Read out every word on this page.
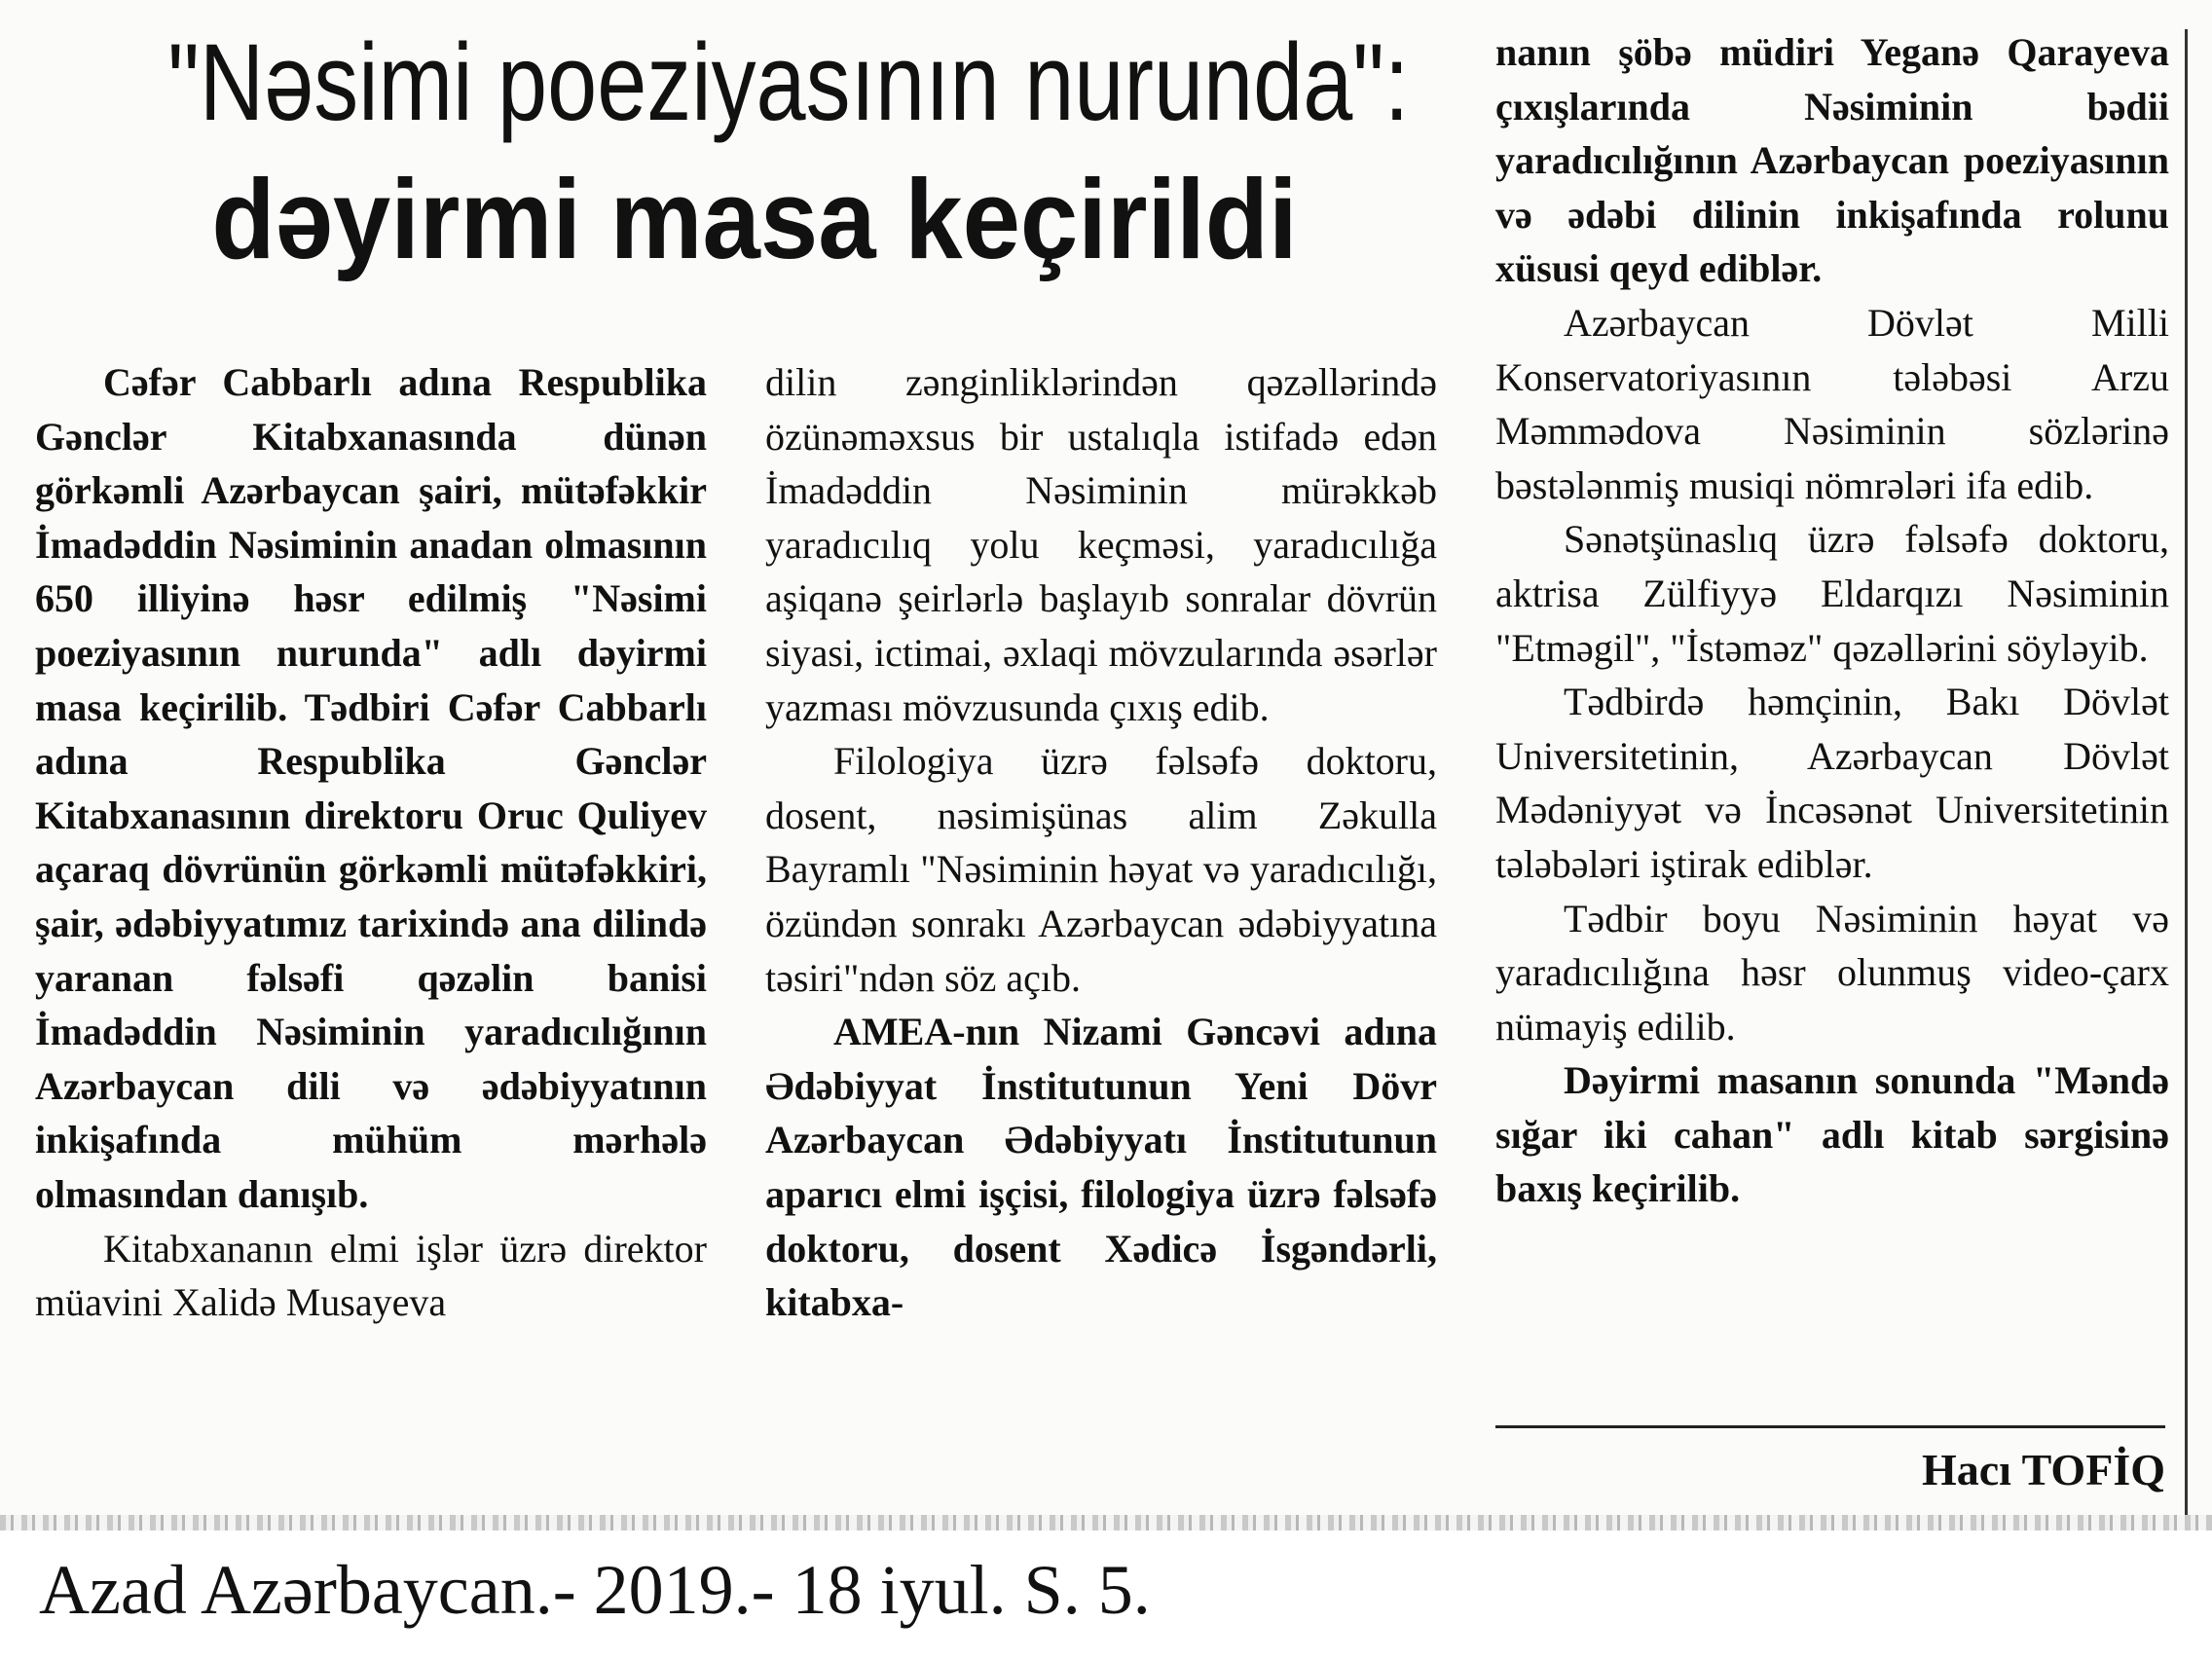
"Nəsimi poeziyasının nurunda":
dəyirmi masa keçirildi

Cəfər Cabbarlı adına Respublika Gənclər Kitabxanasında dünən görkəmli Azərbaycan şairi, mütəfəkkir İmadəddin Nəsiminin anadan olmasının 650 illiyinə həsr edilmiş "Nəsimi poeziyasının nurunda" adlı dəyirmi masa keçirilib. Tədbiri Cəfər Cabbarlı adına Respublika Gənclər Kitabxanasının direktoru Oruc Quliyev açaraq dövrünün görkəmli mütəfəkkiri, şair, ədəbiyyatımız tarixində ana dilində yaranan fəlsəfi qəzəlin banisi İmadəddin Nəsiminin yaradıcılığının Azərbaycan dili və ədəbiyyatının inkişafında mühüm mərhələ olmasından danışıb.

Kitabxananın elmi işlər üzrə direktor müavini Xalidə Musayeva

dilin zənginliklərindən qəzəllərində özünəməxsus bir ustalıqla istifadə edən İmadəddin Nəsiminin mürəkkəb yaradıcılıq yolu keçməsi, yaradıcılığa aşiqanə şeirlərlə başlayıb sonralar dövrün siyasi, ictimai, əxlaqi mövzularında əsərlər yazması mövzusunda çıxış edib.

Filologiya üzrə fəlsəfə doktoru, dosent, nəsimişünas alim Zəkulla Bayramlı "Nəsiminin həyat və yaradıcılığı, özündən sonrakı Azərbaycan ədəbiyyatına təsiri"ndən söz açıb.

AMEA-nın Nizami Gəncəvi adına Ədəbiyyat İnstitutunun Yeni Dövr Azərbaycan Ədəbiyyatı İnstitutunun aparıcı elmi işçisi, filologiya üzrə fəlsəfə doktoru, dosent Xədicə İsgəndərli, kitabxa-

nanın şöbə müdiri Yeganə Qarayeva çıxışlarında Nəsiminin bədii yaradıcılığının Azərbaycan poeziyasının və ədəbi dilinin inkişafında rolunu xüsusi qeyd ediblər.

Azərbaycan Dövlət Milli Konservatoriyasının tələbəsi Arzu Məmmədova Nəsiminin sözlərinə bəstələnmiş musiqi nömrələri ifa edib.

Sənətşünaslıq üzrə fəlsəfə doktoru, aktrisa Zülfiyyə Eldarqızı Nəsiminin "Etməgil", "İstəməz" qəzəllərini söyləyib.

Tədbirdə həmçinin, Bakı Dövlət Universitetinin, Azərbaycan Dövlət Mədəniyyət və İncəsənət Universitetinin tələbələri iştirak ediblər.

Tədbir boyu Nəsiminin həyat və yaradıcılığına həsr olunmuş video-çarx nümayiş edilib.

Dəyirmi masanın sonunda "Məndə sığar iki cahan" adlı kitab sərgisinə baxış keçirilib.

Hacı TOFİQ
Azad Azərbaycan.- 2019.- 18 iyul. S. 5.
